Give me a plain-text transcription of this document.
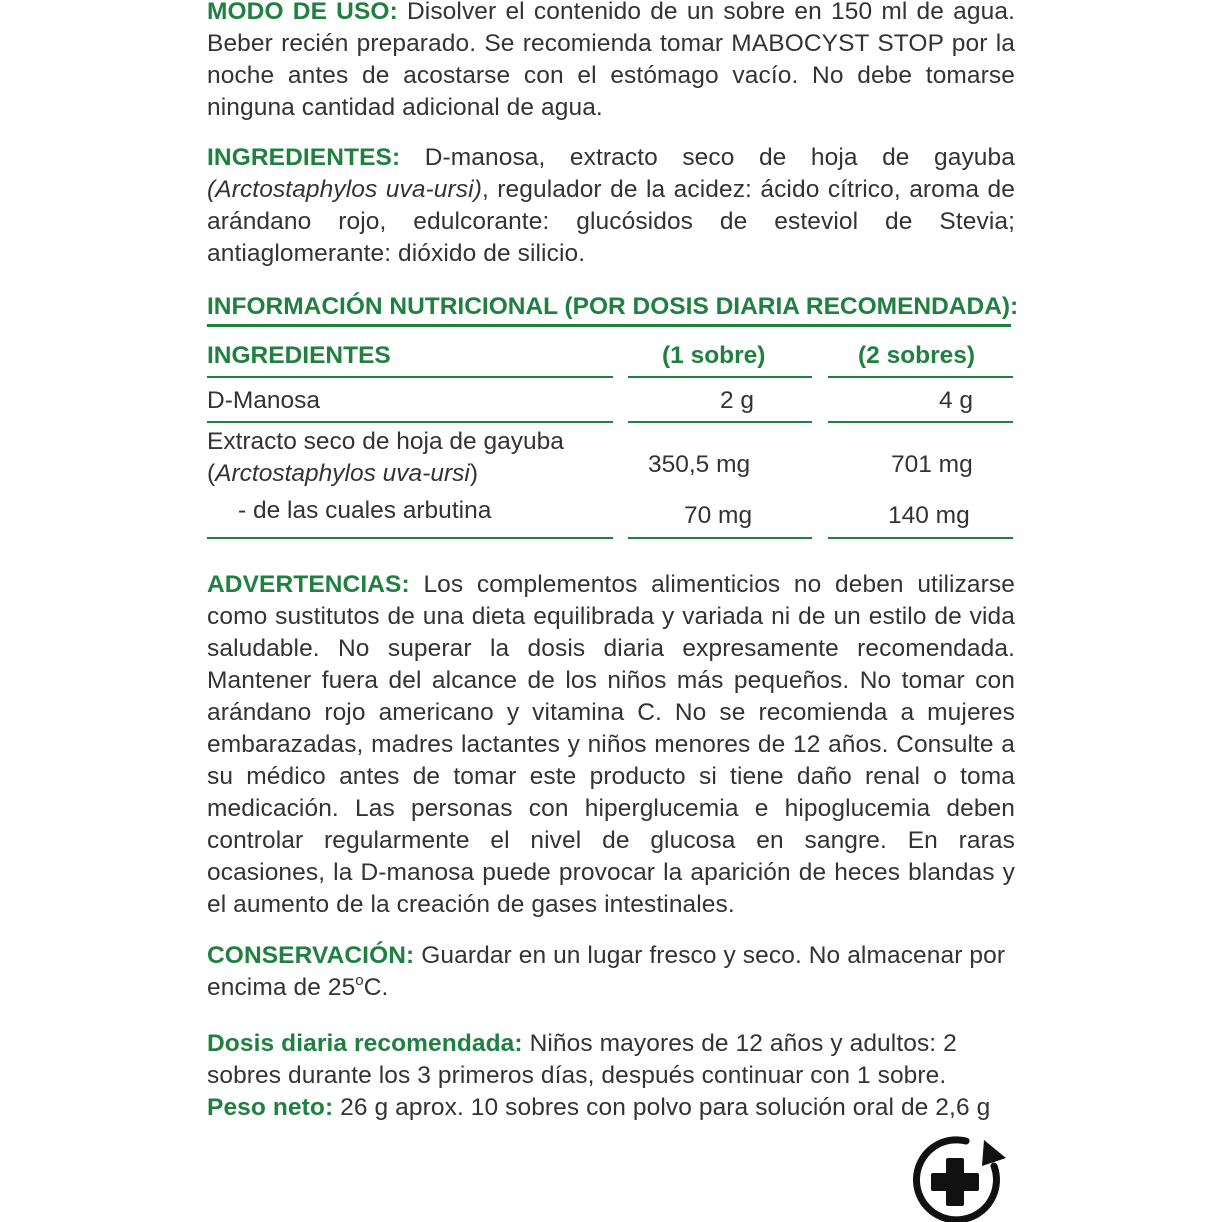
MODO DE USO: Disolver el contenido de un sobre en 150 ml de agua. Beber recién preparado. Se recomienda tomar MABOCYST STOP por la noche antes de acostarse con el estómago vacío. No debe tomarse ninguna cantidad adicional de agua.

INGREDIENTES: D-manosa, extracto seco de hoja de gayuba (Arctostaphylos uva-ursi), regulador de la acidez: ácido cítrico, aroma de arándano rojo, edulcorante: glucósidos de esteviol de Stevia; antiaglomerante: dióxido de silicio.

INFORMACIÓN NUTRICIONAL (POR DOSIS DIARIA RECOMENDADA):
INGREDIENTES	(1 sobre)	(2 sobres)
D-Manosa	2 g	4 g
Extracto seco de hoja de gayuba
(Arctostaphylos uva-ursi)	350,5 mg	701 mg
- de las cuales arbutina	70 mg	140 mg

ADVERTENCIAS: Los complementos alimenticios no deben utilizarse como sustitutos de una dieta equilibrada y variada ni de un estilo de vida saludable. No superar la dosis diaria expresamente recomendada. Mantener fuera del alcance de los niños más pequeños. No tomar con arándano rojo americano y vitamina C. No se recomienda a mujeres embarazadas, madres lactantes y niños menores de 12 años. Consulte a su médico antes de tomar este producto si tiene daño renal o toma medicación. Las personas con hiperglucemia e hipoglucemia deben controlar regularmente el nivel de glucosa en sangre. En raras ocasiones, la D-manosa puede provocar la aparición de heces blandas y el aumento de la creación de gases intestinales.

CONSERVACIÓN: Guardar en un lugar fresco y seco. No almacenar por encima de 25$^o$C.

Dosis diaria recomendada: Niños mayores de 12 años y adultos: 2 sobres durante los 3 primeros días, después continuar con 1 sobre.

Peso neto: 26 g aprox. 10 sobres con polvo para solución oral de 2,6 g
